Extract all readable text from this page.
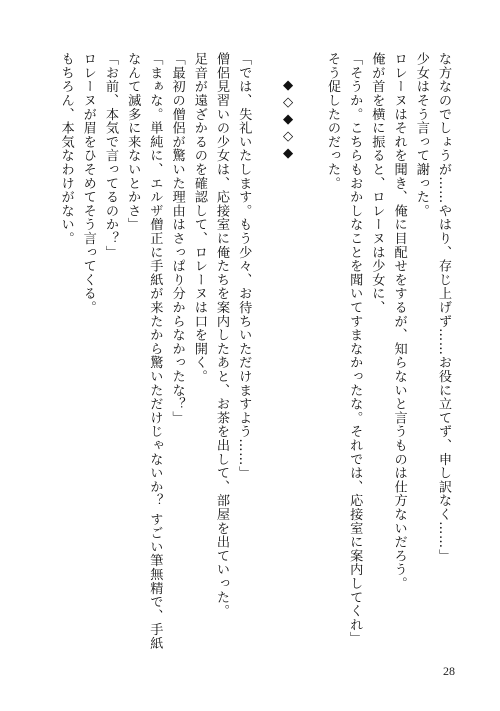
な方なのでしょうが……やはり、存じ上げず……お役に立てず、申し訳なく……」
少女はそう言って謝った。
ロレーヌはそれを聞き、俺に目配せをするが、知らないと言うものは仕方ないだろう。
俺が首を横に振ると、ロレーヌは少女に、
「そうか。こちらもおかしなことを聞いてすまなかったな。それでは、応接室に案内してくれ」
そう促したのだった。
◆◇◆◇◆
「では、失礼いたします。もう少々、お待ちいただけますよう……」
僧侶見習いの少女は、応接室に俺たちを案内したあと、お茶を出して、部屋を出ていった。
足音が遠ざかるのを確認して、ロレーヌは口を開く。
「最初の僧侶が驚いた理由はさっぱり分からなかったな？」
「まぁな。単純に、エルザ僧正に手紙が来たから驚いただけじゃないか？ すごい筆無精で、手紙
なんて滅多に来ないとかさ」
「お前、本気で言ってるのか？」
ロレーヌが眉をひそめてそう言ってくる。
もちろん、本気なわけがない。
28
